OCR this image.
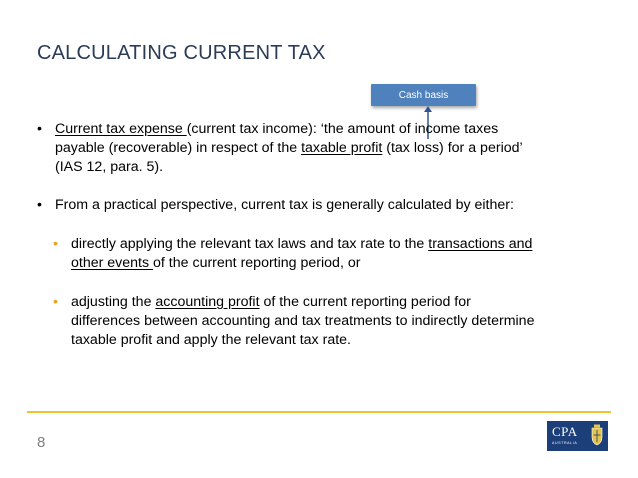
CALCULATING CURRENT TAX
Cash basis
• Current tax expense (current tax income): ‘the amount of income taxes payable (recoverable) in respect of the taxable profit (tax loss) for a period’ (IAS 12, para. 5).
• From a practical perspective, current tax is generally calculated by either:
• directly applying the relevant tax laws and tax rate to the transactions and other events of the current reporting period, or
• adjusting the accounting profit of the current reporting period for differences between accounting and tax treatments to indirectly determine taxable profit and apply the relevant tax rate.
8
CPA
AUSTRALIA
